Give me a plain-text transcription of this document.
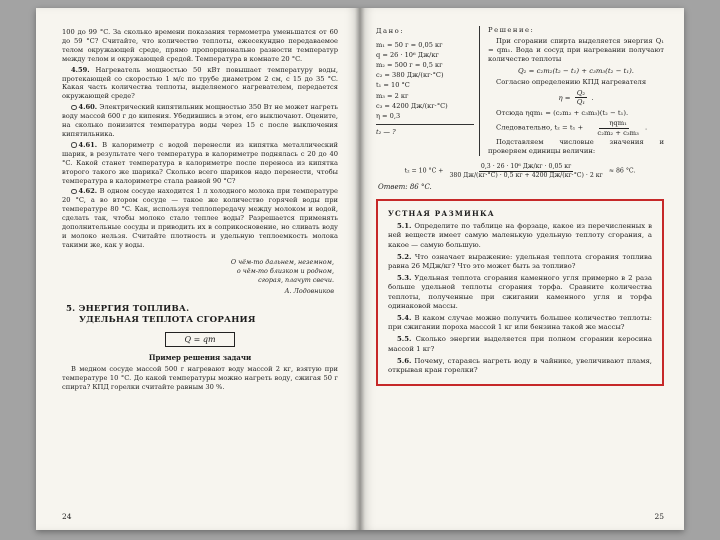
100 до 99 °C. За сколько времени показания термометра уменьшатся от 60 до 59 °C? Считайте, что количество теплоты, ежесекундно передаваемое телом окружающей среде, прямо пропорционально разности температур между телом и окружающей средой. Температура в комнате 20 °C.

4.59. Нагреватель мощностью 50 кВт повышает температуру воды, протекающей со скоростью 1 м/с по трубе диаметром 2 см, с 15 до 35 °C. Какая часть количества теплоты, выделяемого нагревателем, передается окружающей среде?

4.60. Электрический кипятильник мощностью 350 Вт не может нагреть воду массой 600 г до кипения. Убедившись в этом, его выключают. Оцените, на сколько понизится температура воды через 15 с после выключения кипятильника.

4.61. В калориметр с водой перенесли из кипятка металлический шарик, в результате чего температура в калориметре поднялась с 20 до 40 °C. Какой станет температура в калориметре после переноса из кипятка второго такого же шарика? Сколько всего шариков надо перенести, чтобы температура в калориметре стала равной 90 °C?

4.62. В одном сосуде находится 1 л холодного молока при температуре 20 °C, а во втором сосуде — такое же количество горячей воды при температуре 80 °C. Как, используя теплопередачу между молоком и водой, сделать так, чтобы молоко стало теплее воды? Разрешается применять дополнительные сосуды и приводить их в соприкосновение, но сливать воду и молоко нельзя. Считайте плотность и удельную теплоемкость молока такими же, как у воды.

О чём-то дальнем, неземном,
о чём-то близком и родном,
сгорая, плачут свечи.
А. Лодовников
5. ЭНЕРГИЯ ТОПЛИВА.
УДЕЛЬНАЯ ТЕПЛОТА СГОРАНИЯ
Q = qm
Пример решения задачи

В медном сосуде массой 500 г нагревают воду массой 2 кг, взятую при температуре 10 °C. До какой температуры можно нагреть воду, сжигая 50 г спирта? КПД горелки считайте равным 30 %.

24
Дано:
m₁ = 50 г = 0,05 кг
q = 26 · 10⁶ Дж/кг
m₂ = 500 г = 0,5 кг
c₂ = 380 Дж/(кг·°C)
t₁ = 10 °C
m₃ = 2 кг
c₃ = 4200 Дж/(кг·°C)
η = 0,3
t₂ — ?
Решение:

При сгорании спирта выделяется энергия Q₁ = qm₁. Вода и сосуд при нагревании получают количество теплоты

Q₂ = c₂m₂(t₂ − t₁) + c₃m₃(t₂ − t₁).

Согласно определению КПД нагревателя

$\eta = \frac{\text{Q₂}}{\text{Q₁}}$ .

Отсюда ηqm₁ = (c₂m₂ + c₃m₃)(t₂ − t₁).

Следовательно, $t_2 = t_1 + \frac{\text{ηqm₁}}{\text{c₂m₂ + c₃m₃}}$ .

Подставляем числовые значения и проверяем единицы величин:

t₂ = 10 $^\circ C + \frac{\text{0,3 · 26 · 10⁶ Дж/кг · 0,05 кг}}{380 Дж/(кг\cdot^\circ C) \cdot 0,5 кг + 4200 Дж/(кг\cdot^\circ C) \cdot 2 кг} \approx 86$ °C.
Ответ: 86 °C.
УСТНАЯ РАЗМИНКА

5.1. Определите по таблице на форзаце, какое из перечисленных в ней веществ имеет самую маленькую удельную теплоту сгорания, а какое — самую большую.

5.2. Что означает выражение: удельная теплота сгорания топлива равна 26 МДж/кг? Что это может быть за топливо?

5.3. Удельная теплота сгорания каменного угля примерно в 2 раза больше удельной теплоты сгорания торфа. Сравните количества теплоты, полученные при сжигании каменного угля и торфа одинаковой массы.

5.4. В каком случае можно получить большее количество теплоты: при сжигании пороха массой 1 кг или бензина такой же массы?

5.5. Сколько энергии выделяется при полном сгорании керосина массой 1 кг?

5.6. Почему, стараясь нагреть воду в чайнике, увеличивают пламя, открывая кран горелки?

25
